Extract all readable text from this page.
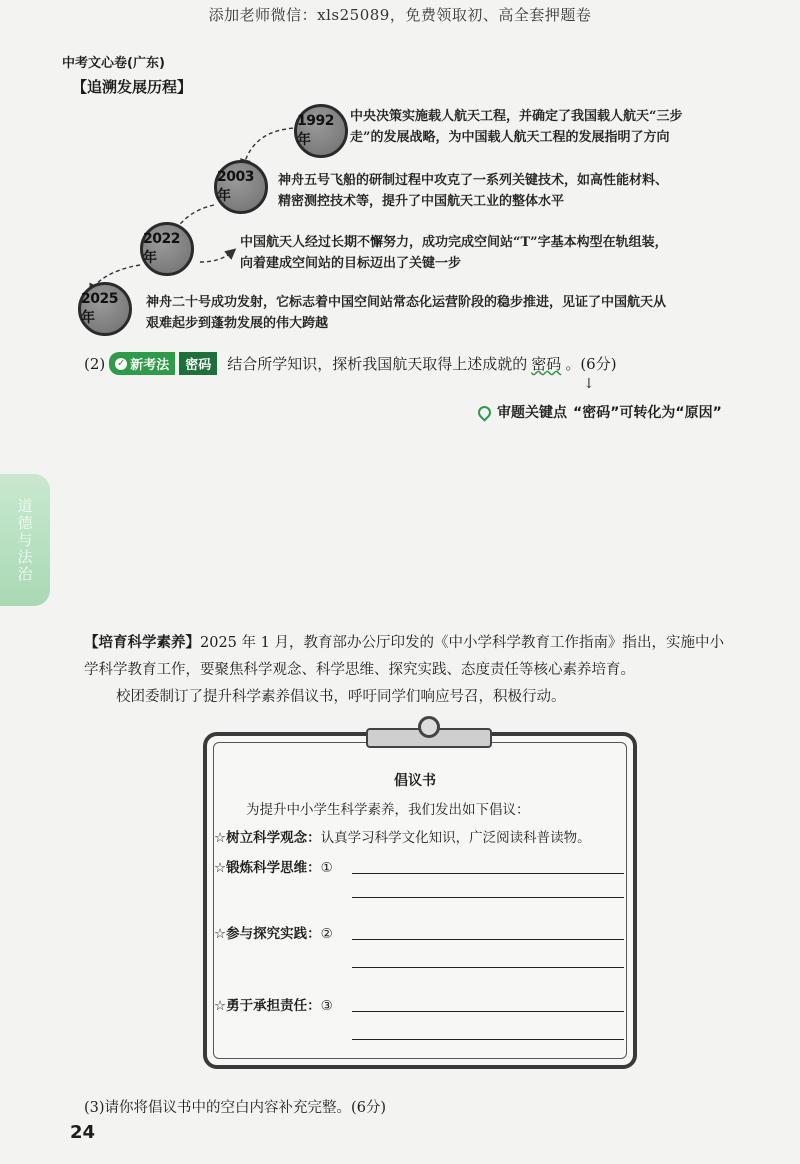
添加老师微信：xls25089，免费领取初、高全套押题卷
中考文心卷(广东)
【追溯发展历程】
1992年
中央决策实施载人航天工程，并确定了我国载人航天“三步
走”的发展战略，为中国载人航天工程的发展指明了方向
2003年
神舟五号飞船的研制过程中攻克了一系列关键技术，如高性能材料、
精密测控技术等，提升了中国航天工业的整体水平
2022年
中国航天人经过长期不懈努力，成功完成空间站“T”字基本构型在轨组装，
向着建成空间站的目标迈出了关键一步
2025年
神舟二十号成功发射，它标志着中国空间站常态化运营阶段的稳步推进，见证了中国航天从
艰难起步到蓬勃发展的伟大跨越
(2) ✓ 新考法	密码	结合所学知识，探析我国航天取得上述成就的 密码 。(6分)
↓
审题关键点 “密码”可转化为“原因”
道德与法治
【培育科学素养】2025 年 1 月，教育部办公厅印发的《中小学科学教育工作指南》指出，实施中小
学科学教育工作，要聚焦科学观念、科学思维、探究实践、态度责任等核心素养培育。
校团委制订了提升科学素养倡议书，呼吁同学们响应号召，积极行动。
倡议书
为提升中小学生科学素养，我们发出如下倡议：
☆树立科学观念： 认真学习科学文化知识，广泛阅读科普读物。
☆锻炼科学思维： ①
☆参与探究实践： ②
☆勇于承担责任： ③
(3)请你将倡议书中的空白内容补充完整。(6分)
24
